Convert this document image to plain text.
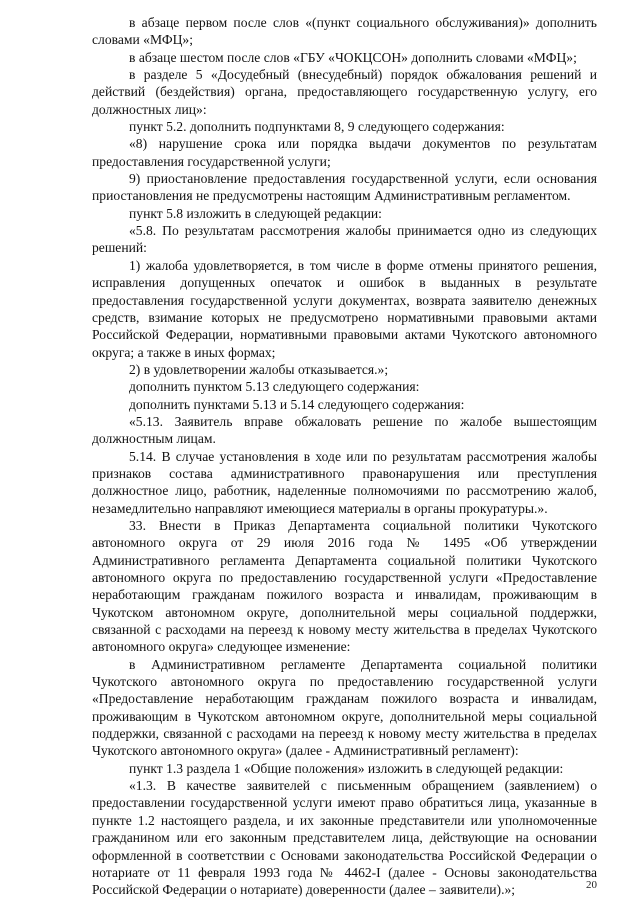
в абзаце первом после слов «(пункт социального обслуживания)» дополнить словами «МФЦ»;

в абзаце шестом после слов «ГБУ «ЧОКЦСОН» дополнить словами «МФЦ»;

в разделе 5 «Досудебный (внесудебный) порядок обжалования решений и действий (бездействия) органа, предоставляющего государственную услугу, его должностных лиц»:

пункт 5.2. дополнить подпунктами 8, 9 следующего содержания:

«8) нарушение срока или порядка выдачи документов по результатам предоставления государственной услуги;

9) приостановление предоставления государственной услуги, если основания приостановления не предусмотрены настоящим Административным регламентом.

пункт 5.8 изложить в следующей редакции:

«5.8. По результатам рассмотрения жалобы принимается одно из следующих решений:

1) жалоба удовлетворяется, в том числе в форме отмены принятого решения, исправления допущенных опечаток и ошибок в выданных в результате предоставления государственной услуги документах, возврата заявителю денежных средств, взимание которых не предусмотрено нормативными правовыми актами Российской Федерации, нормативными правовыми актами Чукотского автономного округа; а также в иных формах;

2) в удовлетворении жалобы отказывается.»;

дополнить пунктом 5.13 следующего содержания:

дополнить пунктами 5.13 и 5.14 следующего содержания:

«5.13. Заявитель вправе обжаловать решение по жалобе вышестоящим должностным лицам.

5.14. В случае установления в ходе или по результатам рассмотрения жалобы признаков состава административного правонарушения или преступления должностное лицо, работник, наделенные полномочиями по рассмотрению жалоб, незамедлительно направляют имеющиеся материалы в органы прокуратуры.».

33. Внести в Приказ Департамента социальной политики Чукотского автономного округа от 29 июля 2016 года № 1495 «Об утверждении Административного регламента Департамента социальной политики Чукотского автономного округа по предоставлению государственной услуги «Предоставление неработающим гражданам пожилого возраста и инвалидам, проживающим в Чукотском автономном округе, дополнительной меры социальной поддержки, связанной с расходами на переезд к новому месту жительства в пределах Чукотского автономного округа» следующее изменение:

в Административном регламенте Департамента социальной политики Чукотского автономного округа по предоставлению государственной услуги «Предоставление неработающим гражданам пожилого возраста и инвалидам, проживающим в Чукотском автономном округе, дополнительной меры социальной поддержки, связанной с расходами на переезд к новому месту жительства в пределах Чукотского автономного округа» (далее - Административный регламент):

пункт 1.3 раздела 1 «Общие положения» изложить в следующей редакции:

«1.3. В качестве заявителей с письменным обращением (заявлением) о предоставлении государственной услуги имеют право обратиться лица, указанные в пункте 1.2 настоящего раздела, и их законные представители или уполномоченные гражданином или его законным представителем лица, действующие на основании оформленной в соответствии с Основами законодательства Российской Федерации о нотариате от 11 февраля 1993 года № 4462-I (далее - Основы законодательства Российской Федерации о нотариате) доверенности (далее – заявители).»;	20
